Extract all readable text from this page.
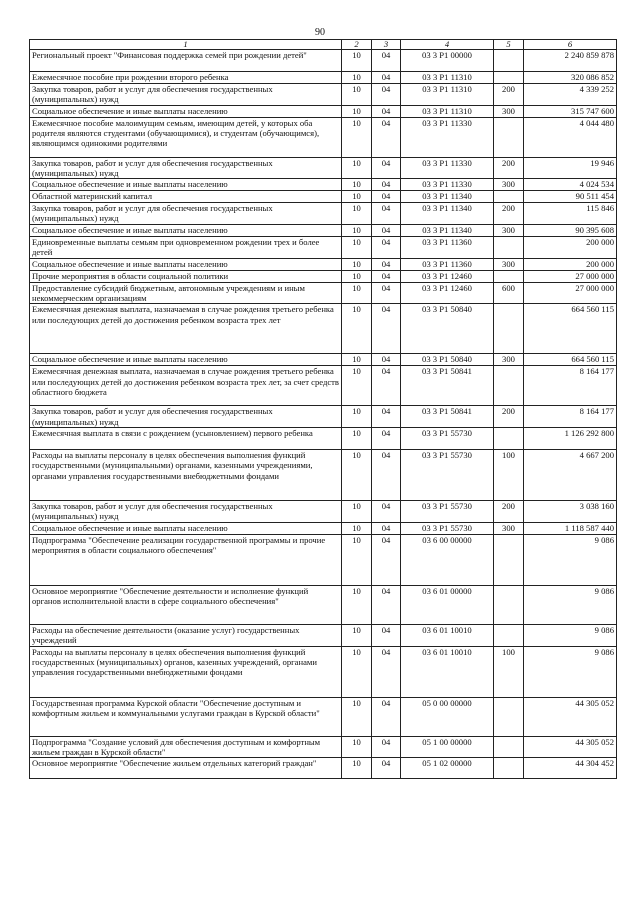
90
1	2	3	4	5	6
Региональный проект "Финансовая поддержка семей при рождении детей"	10	04	03 3 P1 00000		2 240 859 878
Ежемесячное пособие при рождении второго ребенка	10	04	03 3 P1 11310		320 086 852
Закупка товаров, работ и услуг для обеспечения государственных (муниципальных) нужд	10	04	03 3 P1 11310	200	4 339 252
Социальное обеспечение и иные выплаты населению	10	04	03 3 P1 11310	300	315 747 600
Ежемесячное пособие малоимущим семьям, имеющим детей, у которых оба родителя являются студентами (обучающимися), и студентам (обучающимся), являющимся одинокими родителями	10	04	03 3 P1 11330		4 044 480
Закупка товаров, работ и услуг для обеспечения государственных (муниципальных) нужд	10	04	03 3 P1 11330	200	19 946
Социальное обеспечение и иные выплаты населению	10	04	03 3 P1 11330	300	4 024 534
Областной материнский капитал	10	04	03 3 P1 11340		90 511 454
Закупка товаров, работ и услуг для обеспечения государственных (муниципальных) нужд	10	04	03 3 P1 11340	200	115 846
Социальное обеспечение и иные выплаты населению	10	04	03 3 P1 11340	300	90 395 608
Единовременные выплаты семьям при одновременном рождении трех и более детей	10	04	03 3 P1 11360		200 000
Социальное обеспечение и иные выплаты населению	10	04	03 3 P1 11360	300	200 000
Прочие мероприятия в области социальной политики	10	04	03 3 P1 12460		27 000 000
Предоставление субсидий бюджетным, автономным учреждениям и иным некоммерческим организациям	10	04	03 3 P1 12460	600	27 000 000
Ежемесячная денежная выплата, назначаемая в случае рождения третьего ребенка или последующих детей до достижения ребенком возраста трех лет	10	04	03 3 P1 50840		664 560 115
Социальное обеспечение и иные выплаты населению	10	04	03 3 P1 50840	300	664 560 115
Ежемесячная денежная выплата, назначаемая в случае рождения третьего ребенка или последующих детей до достижения ребенком возраста трех лет, за счет средств областного бюджета	10	04	03 3 P1 50841		8 164 177
Закупка товаров, работ и услуг для обеспечения государственных (муниципальных) нужд	10	04	03 3 P1 50841	200	8 164 177
Ежемесячная выплата в связи с рождением (усыновлением) первого ребенка	10	04	03 3 P1 55730		1 126 292 800
Расходы на выплаты персоналу в целях обеспечения выполнения функций государственными (муниципальными) органами, казенными учреждениями, органами управления государственными внебюджетными фондами	10	04	03 3 P1 55730	100	4 667 200
Закупка товаров, работ и услуг для обеспечения государственных (муниципальных) нужд	10	04	03 3 P1 55730	200	3 038 160
Социальное обеспечение и иные выплаты населению	10	04	03 3 P1 55730	300	1 118 587 440
Подпрограмма "Обеспечение реализации государственной программы и прочие мероприятия в области социального обеспечения"	10	04	03 6 00 00000		9 086
Основное мероприятие "Обеспечение деятельности и исполнение функций органов исполнительной власти в сфере социального обеспечения"	10	04	03 6 01 00000		9 086
Расходы на обеспечение деятельности (оказание услуг) государственных учреждений	10	04	03 6 01 10010		9 086
Расходы на выплаты персоналу в целях обеспечения выполнения функций государственных (муниципальных) органов, казенных учреждений, органами управления государственными внебюджетными фондами	10	04	03 6 01 10010	100	9 086
Государственная программа Курской области "Обеспечение доступным и комфортным жильем и коммунальными услугами граждан в Курской области"	10	04	05 0 00 00000		44 305 052
Подпрограмма "Создание условий для обеспечения доступным и комфортным жильем граждан в Курской области"	10	04	05 1 00 00000		44 305 052
Основное мероприятие "Обеспечение жильем отдельных категорий граждан"	10	04	05 1 02 00000		44 304 452
